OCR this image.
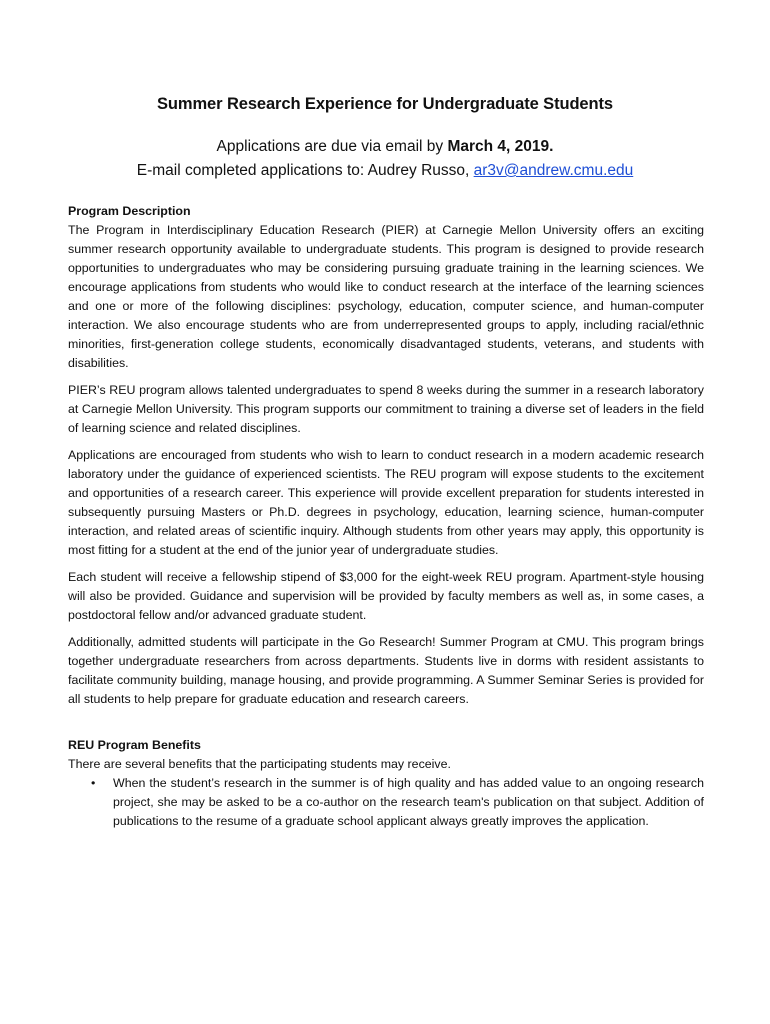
Summer Research Experience for Undergraduate Students
Applications are due via email by March 4, 2019.
E-mail completed applications to: Audrey Russo, ar3v@andrew.cmu.edu
Program Description

The Program in Interdisciplinary Education Research (PIER) at Carnegie Mellon University offers an exciting summer research opportunity available to undergraduate students. This program is designed to provide research opportunities to undergraduates who may be considering pursuing graduate training in the learning sciences. We encourage applications from students who would like to conduct research at the interface of the learning sciences and one or more of the following disciplines: psychology, education, computer science, and human-computer interaction. We also encourage students who are from underrepresented groups to apply, including racial/ethnic minorities, first-generation college students, economically disadvantaged students, veterans, and students with disabilities.

PIER’s REU program allows talented undergraduates to spend 8 weeks during the summer in a research laboratory at Carnegie Mellon University. This program supports our commitment to training a diverse set of leaders in the field of learning science and related disciplines.

Applications are encouraged from students who wish to learn to conduct research in a modern academic research laboratory under the guidance of experienced scientists. The REU program will expose students to the excitement and opportunities of a research career. This experience will provide excellent preparation for students interested in subsequently pursuing Masters or Ph.D. degrees in psychology, education, learning science, human-computer interaction, and related areas of scientific inquiry. Although students from other years may apply, this opportunity is most fitting for a student at the end of the junior year of undergraduate studies.

Each student will receive a fellowship stipend of $3,000 for the eight-week REU program. Apartment-style housing will also be provided. Guidance and supervision will be provided by faculty members as well as, in some cases, a postdoctoral fellow and/or advanced graduate student.

Additionally, admitted students will participate in the Go Research! Summer Program at CMU. This program brings together undergraduate researchers from across departments. Students live in dorms with resident assistants to facilitate community building, manage housing, and provide programming. A Summer Seminar Series is provided for all students to help prepare for graduate education and research careers.

REU Program Benefits
There are several benefits that the participating students may receive.
• When the student’s research in the summer is of high quality and has added value to an ongoing research project, she may be asked to be a co-author on the research team's publication on that subject. Addition of publications to the resume of a graduate school applicant always greatly improves the application.
